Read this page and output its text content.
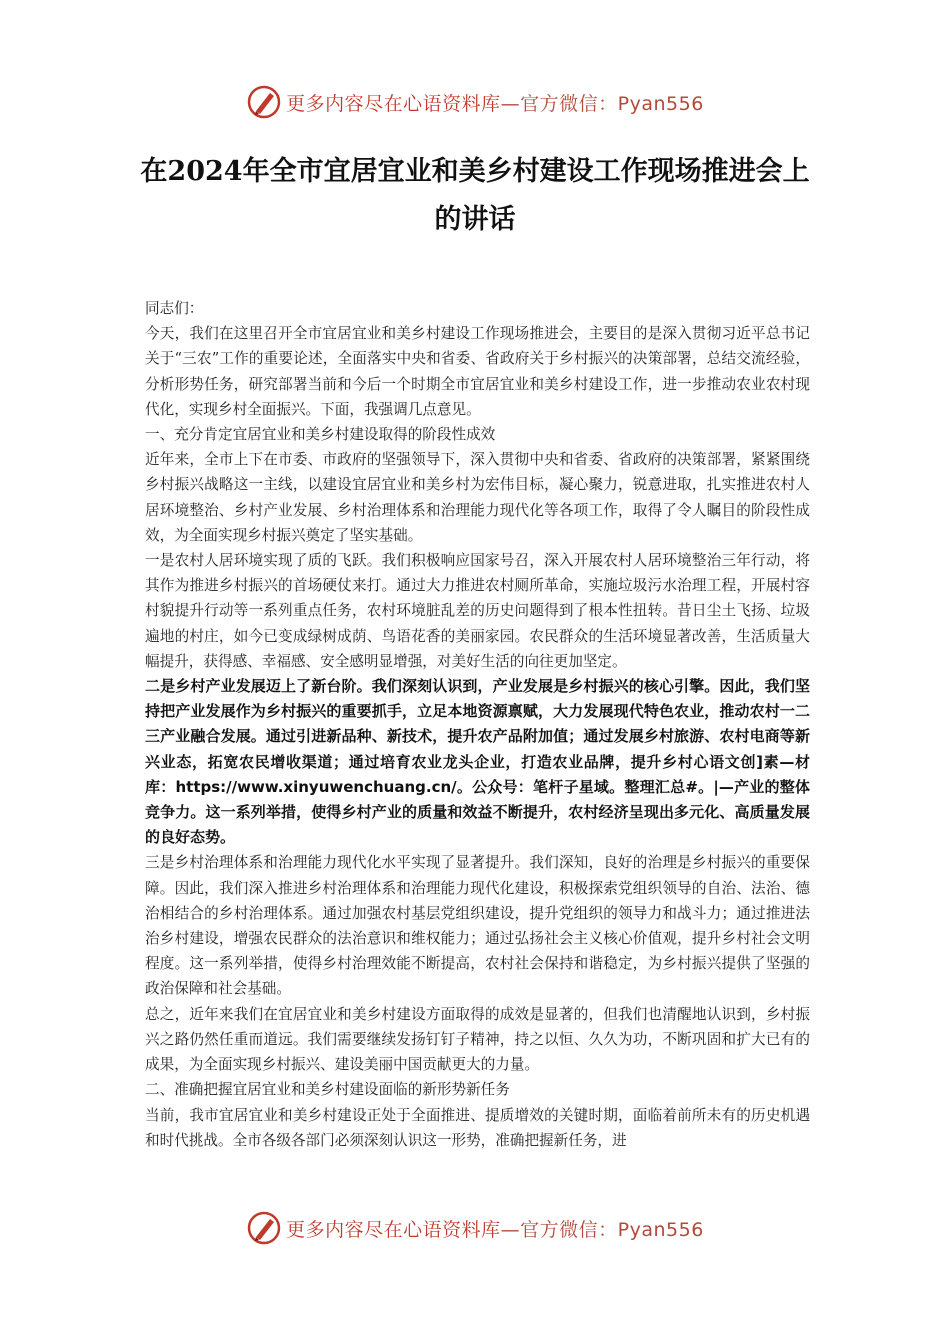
更多内容尽在心语资料库—官方微信：Pyan556
在2024年全市宜居宜业和美乡村建设工作现场推进会上的讲话

同志们：

今天，我们在这里召开全市宜居宜业和美乡村建设工作现场推进会，主要目的是深入贯彻习近平总书记关于“三农”工作的重要论述，全面落实中央和省委、省政府关于乡村振兴的决策部署，总结交流经验，分析形势任务，研究部署当前和今后一个时期全市宜居宜业和美乡村建设工作，进一步推动农业农村现代化，实现乡村全面振兴。下面，我强调几点意见。

一、充分肯定宜居宜业和美乡村建设取得的阶段性成效

近年来，全市上下在市委、市政府的坚强领导下，深入贯彻中央和省委、省政府的决策部署，紧紧围绕乡村振兴战略这一主线，以建设宜居宜业和美乡村为宏伟目标，凝心聚力，锐意进取，扎实推进农村人居环境整治、乡村产业发展、乡村治理体系和治理能力现代化等各项工作，取得了令人瞩目的阶段性成效，为全面实现乡村振兴奠定了坚实基础。

一是农村人居环境实现了质的飞跃。我们积极响应国家号召，深入开展农村人居环境整治三年行动，将其作为推进乡村振兴的首场硬仗来打。通过大力推进农村厕所革命，实施垃圾污水治理工程，开展村容村貌提升行动等一系列重点任务，农村环境脏乱差的历史问题得到了根本性扭转。昔日尘土飞扬、垃圾遍地的村庄，如今已变成绿树成荫、鸟语花香的美丽家园。农民群众的生活环境显著改善，生活质量大幅提升，获得感、幸福感、安全感明显增强，对美好生活的向往更加坚定。

二是乡村产业发展迈上了新台阶。我们深刻认识到，产业发展是乡村振兴的核心引擎。因此，我们坚持把产业发展作为乡村振兴的重要抓手，立足本地资源禀赋，大力发展现代特色农业，推动农村一二三产业融合发展。通过引进新品种、新技术，提升农产品附加值；通过发展乡村旅游、农村电商等新兴业态，拓宽农民增收渠道；通过培育农业龙头企业，打造农业品牌，提升乡村心语文创]素—材库：https://www.xinyuwenchuang.cn/。公众号：笔杆子星域。整理汇总#。|—产业的整体竞争力。这一系列举措，使得乡村产业的质量和效益不断提升，农村经济呈现出多元化、高质量发展的良好态势。

三是乡村治理体系和治理能力现代化水平实现了显著提升。我们深知，良好的治理是乡村振兴的重要保障。因此，我们深入推进乡村治理体系和治理能力现代化建设，积极探索党组织领导的自治、法治、德治相结合的乡村治理体系。通过加强农村基层党组织建设，提升党组织的领导力和战斗力；通过推进法治乡村建设，增强农民群众的法治意识和维权能力；通过弘扬社会主义核心价值观，提升乡村社会文明程度。这一系列举措，使得乡村治理效能不断提高，农村社会保持和谐稳定，为乡村振兴提供了坚强的政治保障和社会基础。

总之，近年来我们在宜居宜业和美乡村建设方面取得的成效是显著的，但我们也清醒地认识到，乡村振兴之路仍然任重而道远。我们需要继续发扬钉钉子精神，持之以恒、久久为功，不断巩固和扩大已有的成果，为全面实现乡村振兴、建设美丽中国贡献更大的力量。

二、准确把握宜居宜业和美乡村建设面临的新形势新任务

当前，我市宜居宜业和美乡村建设正处于全面推进、提质增效的关键时期，面临着前所未有的历史机遇和时代挑战。全市各级各部门必须深刻认识这一形势，准确把握新任务，进

更多内容尽在心语资料库—官方微信：Pyan556
